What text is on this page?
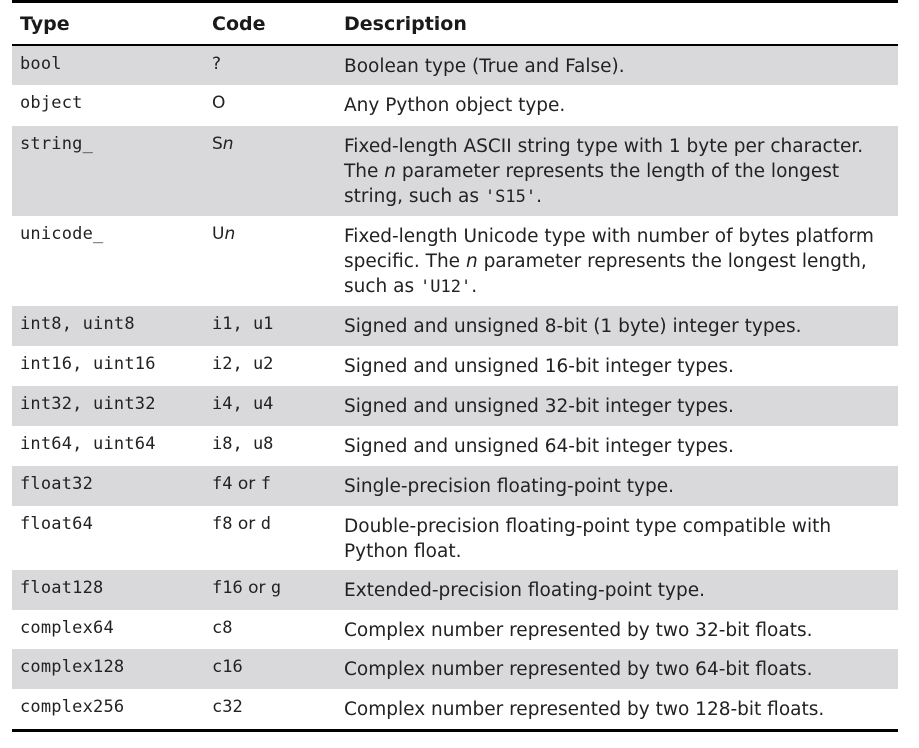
Type	Code	Description
bool	?	Boolean type (True and False).
object	O	Any Python object type.
string_	Sn	Fixed-length ASCII string type with 1 byte per character. The n parameter represents the length of the longest string, such as 'S15'.
unicode_	Un	Fixed-length Unicode type with number of bytes platform specific. The n parameter represents the longest length, such as 'U12'.
int8, uint8	i1, u1	Signed and unsigned 8-bit (1 byte) integer types.
int16, uint16	i2, u2	Signed and unsigned 16-bit integer types.
int32, uint32	i4, u4	Signed and unsigned 32-bit integer types.
int64, uint64	i8, u8	Signed and unsigned 64-bit integer types.
float32	f4 or f	Single-precision floating-point type.
float64	f8 or d	Double-precision floating-point type compatible with Python float.
float128	f16 or g	Extended-precision floating-point type.
complex64	c8	Complex number represented by two 32-bit floats.
complex128	c16	Complex number represented by two 64-bit floats.
complex256	c32	Complex number represented by two 128-bit floats.
